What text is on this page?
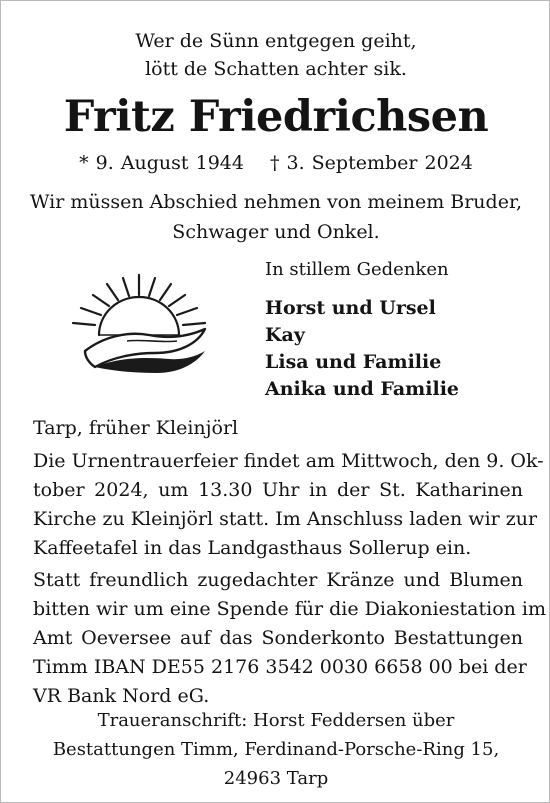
Wer de Sünn entgegen geiht,
lött de Schatten achter sik.
Fritz Friedrichsen
* 9. August 1944 † 3. September 2024
Wir müssen Abschied nehmen von meinem Bruder,
Schwager und Onkel.
In stillem Gedenken
Horst und Ursel
Kay
Lisa und Familie
Anika und Familie
Tarp, früher Kleinjörl
Die Urnentrauerfeier findet am Mittwoch, den 9. Ok-
tober 2024, um 13.30 Uhr in der St. Katharinen
Kirche zu Kleinjörl statt. Im Anschluss laden wir zur
Kaffeetafel in das Landgasthaus Sollerup ein.
Statt freundlich zugedachter Kränze und Blumen
bitten wir um eine Spende für die Diakoniestation im
Amt Oeversee auf das Sonderkonto Bestattungen
Timm IBAN DE55 2176 3542 0030 6658 00 bei der
VR Bank Nord eG.
Traueranschrift: Horst Feddersen über
Bestattungen Timm, Ferdinand-Porsche-Ring 15,
24963 Tarp
